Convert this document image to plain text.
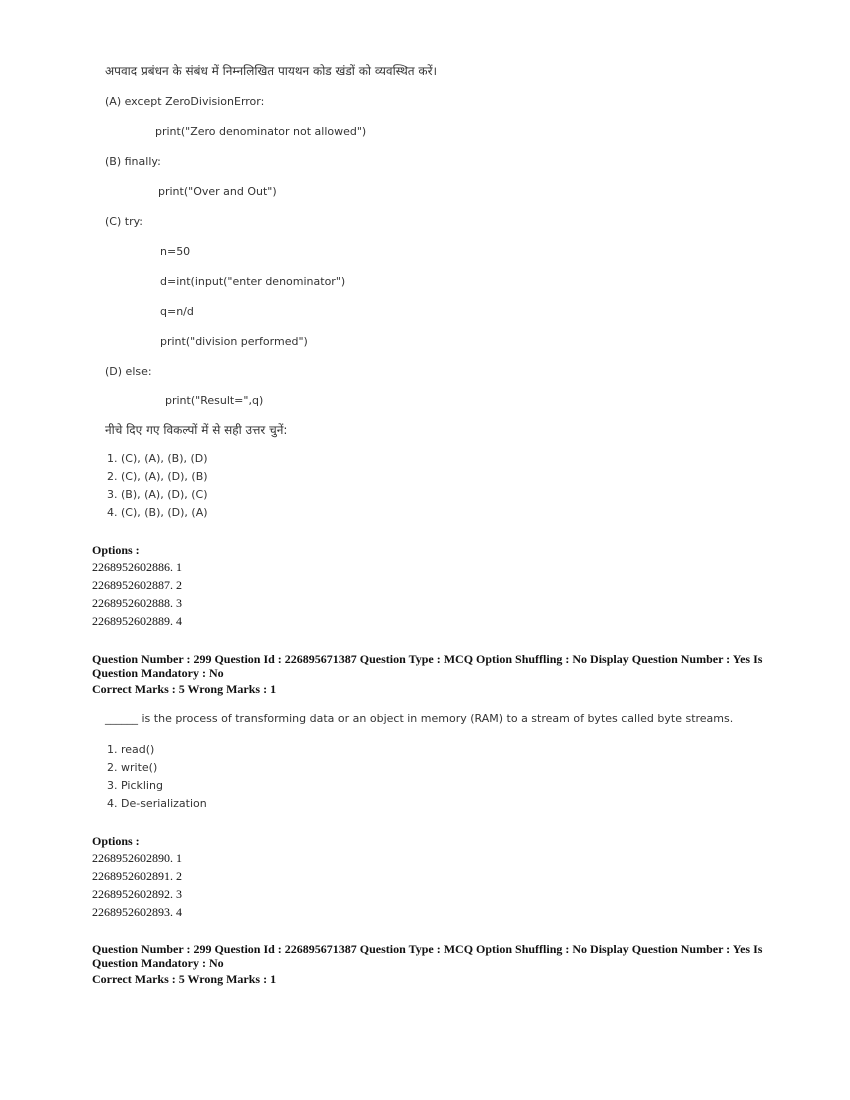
अपवाद प्रबंधन के संबंध में निम्नलिखित पायथन कोड खंडों को व्यवस्थित करें।
(A) except ZeroDivisionError:
print("Zero denominator not allowed")
(B) finally:
print("Over and Out")
(C) try:
n=50
d=int(input("enter denominator")
q=n/d
print("division performed")
(D) else:
print("Result=",q)
नीचे दिए गए विकल्पों में से सही उत्तर चुनें:
1. (C), (A), (B), (D)
2. (C), (A), (D), (B)
3. (B), (A), (D), (C)
4. (C), (B), (D), (A)
Options :
2268952602886. 1
2268952602887. 2
2268952602888. 3
2268952602889. 4
Question Number : 299 Question Id : 226895671387 Question Type : MCQ Option Shuffling : No Display Question Number : Yes Is Question Mandatory : No
Correct Marks : 5 Wrong Marks : 1
______ is the process of transforming data or an object in memory (RAM) to a stream of bytes called byte streams.
1. read()
2. write()
3. Pickling
4. De-serialization
Options :
2268952602890. 1
2268952602891. 2
2268952602892. 3
2268952602893. 4
Question Number : 299 Question Id : 226895671387 Question Type : MCQ Option Shuffling : No Display Question Number : Yes Is Question Mandatory : No
Correct Marks : 5 Wrong Marks : 1
